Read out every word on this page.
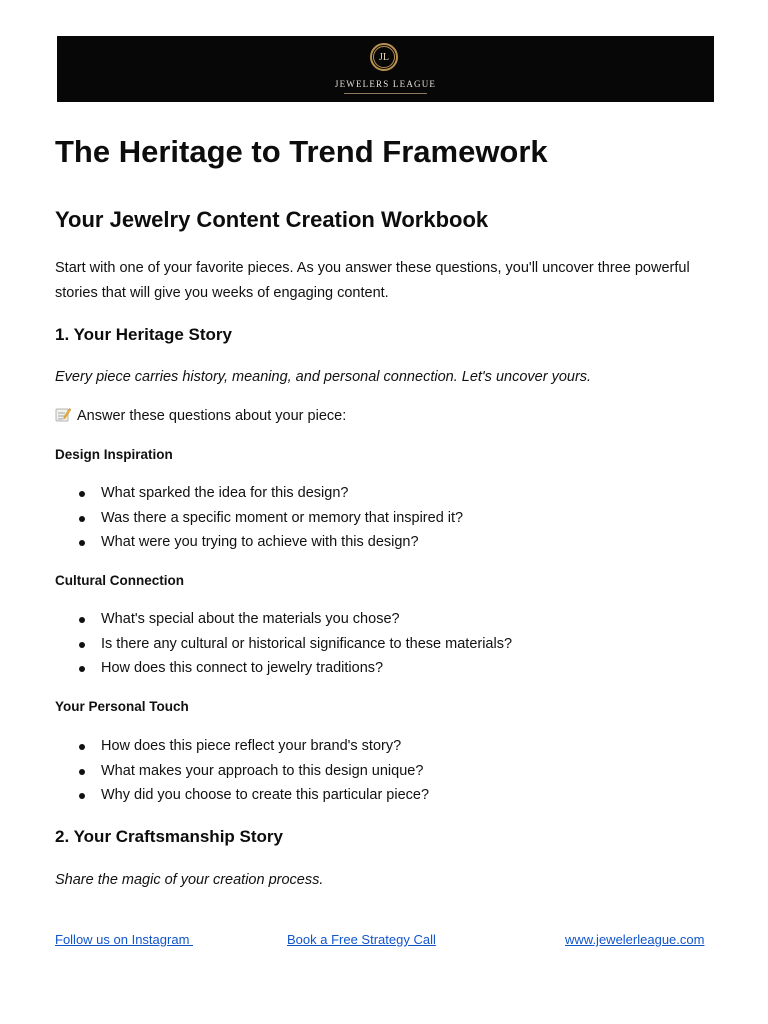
JL
JEWELERS LEAGUE
The Heritage to Trend Framework
Your Jewelry Content Creation Workbook
Start with one of your favorite pieces. As you answer these questions, you'll uncover three powerful stories that will give you weeks of engaging content.
1. Your Heritage Story
Every piece carries history, meaning, and personal connection. Let's uncover yours.
Answer these questions about your piece:
Design Inspiration
What sparked the idea for this design?
Was there a specific moment or memory that inspired it?
What were you trying to achieve with this design?
Cultural Connection
What's special about the materials you chose?
Is there any cultural or historical significance to these materials?
How does this connect to jewelry traditions?
Your Personal Touch
How does this piece reflect your brand's story?
What makes your approach to this design unique?
Why did you choose to create this particular piece?
2. Your Craftsmanship Story
Share the magic of your creation process.
Follow us on Instagram	Book a Free Strategy Call	www.jewelerleague.com
